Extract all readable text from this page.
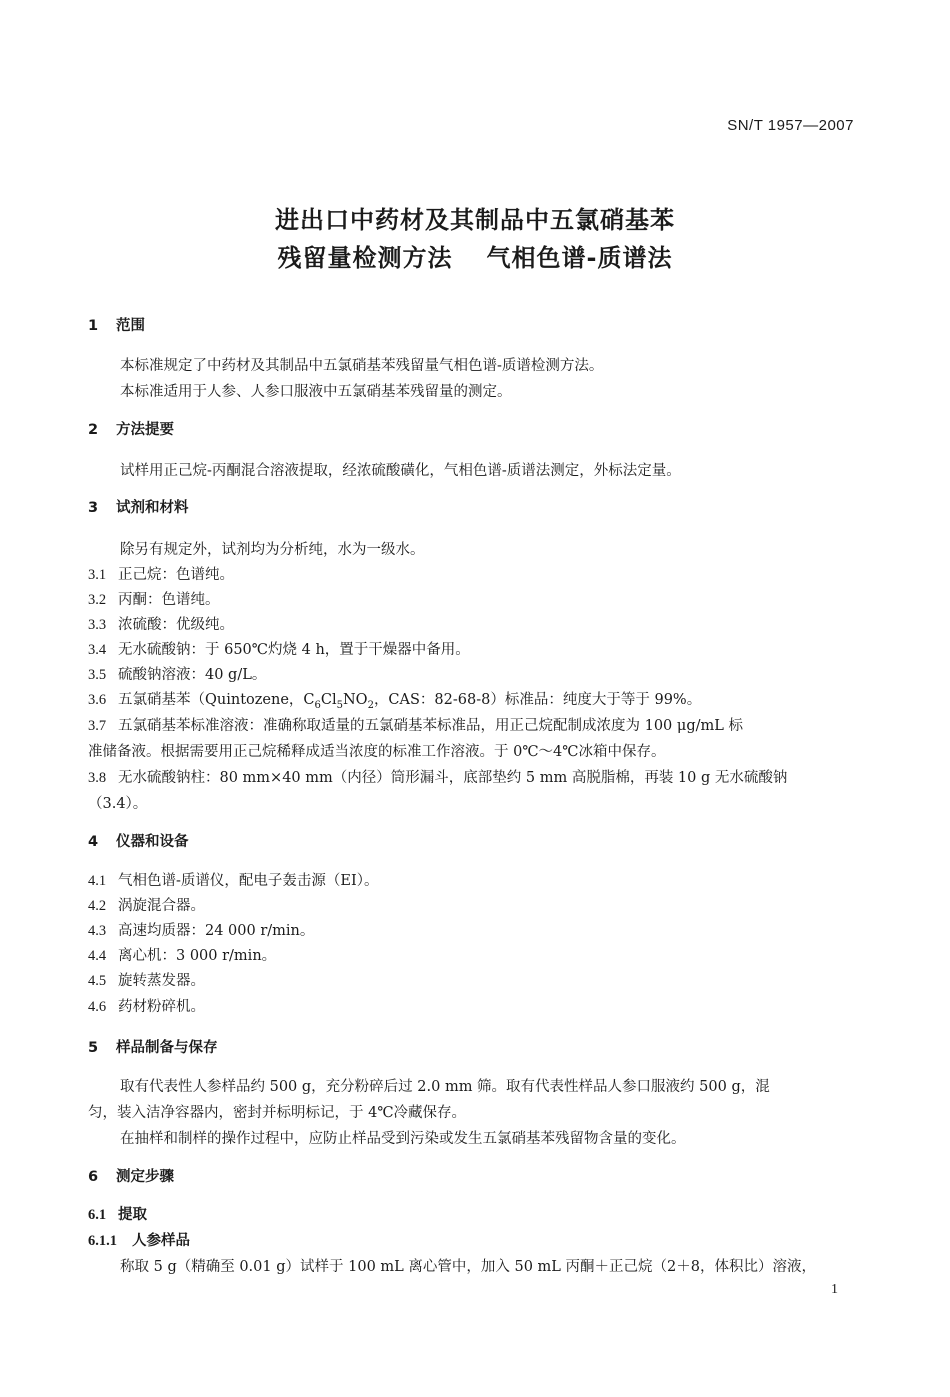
SN/T 1957—2007
进出口中药材及其制品中五氯硝基苯
残留量检测方法 气相色谱-质谱法
1 范围
本标准规定了中药材及其制品中五氯硝基苯残留量气相色谱-质谱检测方法。
本标准适用于人参、人参口服液中五氯硝基苯残留量的测定。
2 方法提要
试样用正己烷-丙酮混合溶液提取，经浓硫酸磺化，气相色谱-质谱法测定，外标法定量。
3 试剂和材料
除另有规定外，试剂均为分析纯，水为一级水。
3.1 正己烷：色谱纯。
3.2 丙酮：色谱纯。
3.3 浓硫酸：优级纯。
3.4 无水硫酸钠：于 650℃灼烧 4 h，置于干燥器中备用。
3.5 硫酸钠溶液：40 g/L。
3.6 五氯硝基苯（Quintozene，$C_6Cl_5NO_2$，CAS：82-68-8）标准品：纯度大于等于 99%。
3.7 五氯硝基苯标准溶液：准确称取适量的五氯硝基苯标准品，用正己烷配制成浓度为 100 μg/mL 标
准储备液。根据需要用正己烷稀释成适当浓度的标准工作溶液。于 0℃～4℃冰箱中保存。
3.8 无水硫酸钠柱：80 mm×40 mm（内径）筒形漏斗，底部垫约 5 mm 高脱脂棉，再装 10 g 无水硫酸钠
（3.4）。
4 仪器和设备
4.1 气相色谱-质谱仪，配电子轰击源（EI）。
4.2 涡旋混合器。
4.3 高速均质器：24 000 r/min。
4.4 离心机：3 000 r/min。
4.5 旋转蒸发器。
4.6 药材粉碎机。
5 样品制备与保存
取有代表性人参样品约 500 g，充分粉碎后过 2.0 mm 筛。取有代表性样品人参口服液约 500 g，混
匀，装入洁净容器内，密封并标明标记，于 4℃冷藏保存。
在抽样和制样的操作过程中，应防止样品受到污染或发生五氯硝基苯残留物含量的变化。
6 测定步骤
6.1 提取
6.1.1 人参样品
称取 5 g（精确至 0.01 g）试样于 100 mL 离心管中，加入 50 mL 丙酮＋正己烷（2＋8，体积比）溶液，
1
